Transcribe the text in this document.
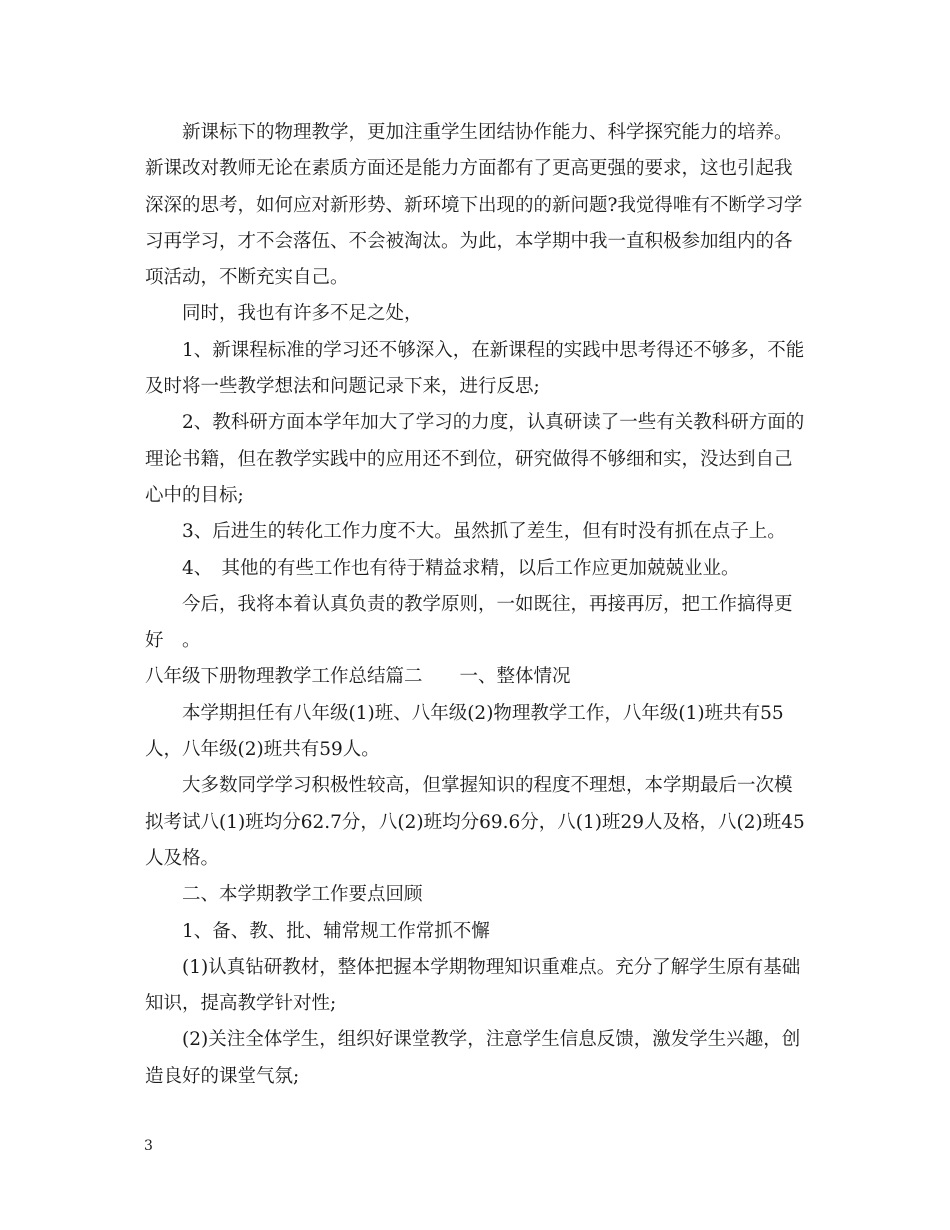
新课标下的物理教学，更加注重学生团结协作能力、科学探究能力的培养。新课改对教师无论在素质方面还是能力方面都有了更高更强的要求，这也引起我深深的思考，如何应对新形势、新环境下出现的的新问题?我觉得唯有不断学习学习再学习，才不会落伍、不会被淘汰。为此，本学期中我一直积极参加组内的各项活动，不断充实自己。

同时，我也有许多不足之处，

1、新课程标准的学习还不够深入，在新课程的实践中思考得还不够多，不能及时将一些教学想法和问题记录下来，进行反思;

2、教科研方面本学年加大了学习的力度，认真研读了一些有关教科研方面的理论书籍，但在教学实践中的应用还不到位，研究做得不够细和实，没达到自己心中的目标;

3、后进生的转化工作力度不大。虽然抓了差生，但有时没有抓在点子上。

4、　其他的有些工作也有待于精益求精，以后工作应更加兢兢业业。

今后，我将本着认真负责的教学原则，一如既往，再接再厉，把工作搞得更好　。

八年级下册物理教学工作总结篇二　　一、整体情况

本学期担任有八年级(1)班、八年级(2)物理教学工作，八年级(1)班共有55人，八年级(2)班共有59人。

大多数同学学习积极性较高，但掌握知识的程度不理想，本学期最后一次模拟考试八(1)班均分62.7分，八(2)班均分69.6分，八(1)班29人及格，八(2)班45人及格。

二、本学期教学工作要点回顾

1、备、教、批、辅常规工作常抓不懈

(1)认真钻研教材，整体把握本学期物理知识重难点。充分了解学生原有基础知识，提高教学针对性;

(2)关注全体学生，组织好课堂教学，注意学生信息反馈，激发学生兴趣，创造良好的课堂气氛;

3
